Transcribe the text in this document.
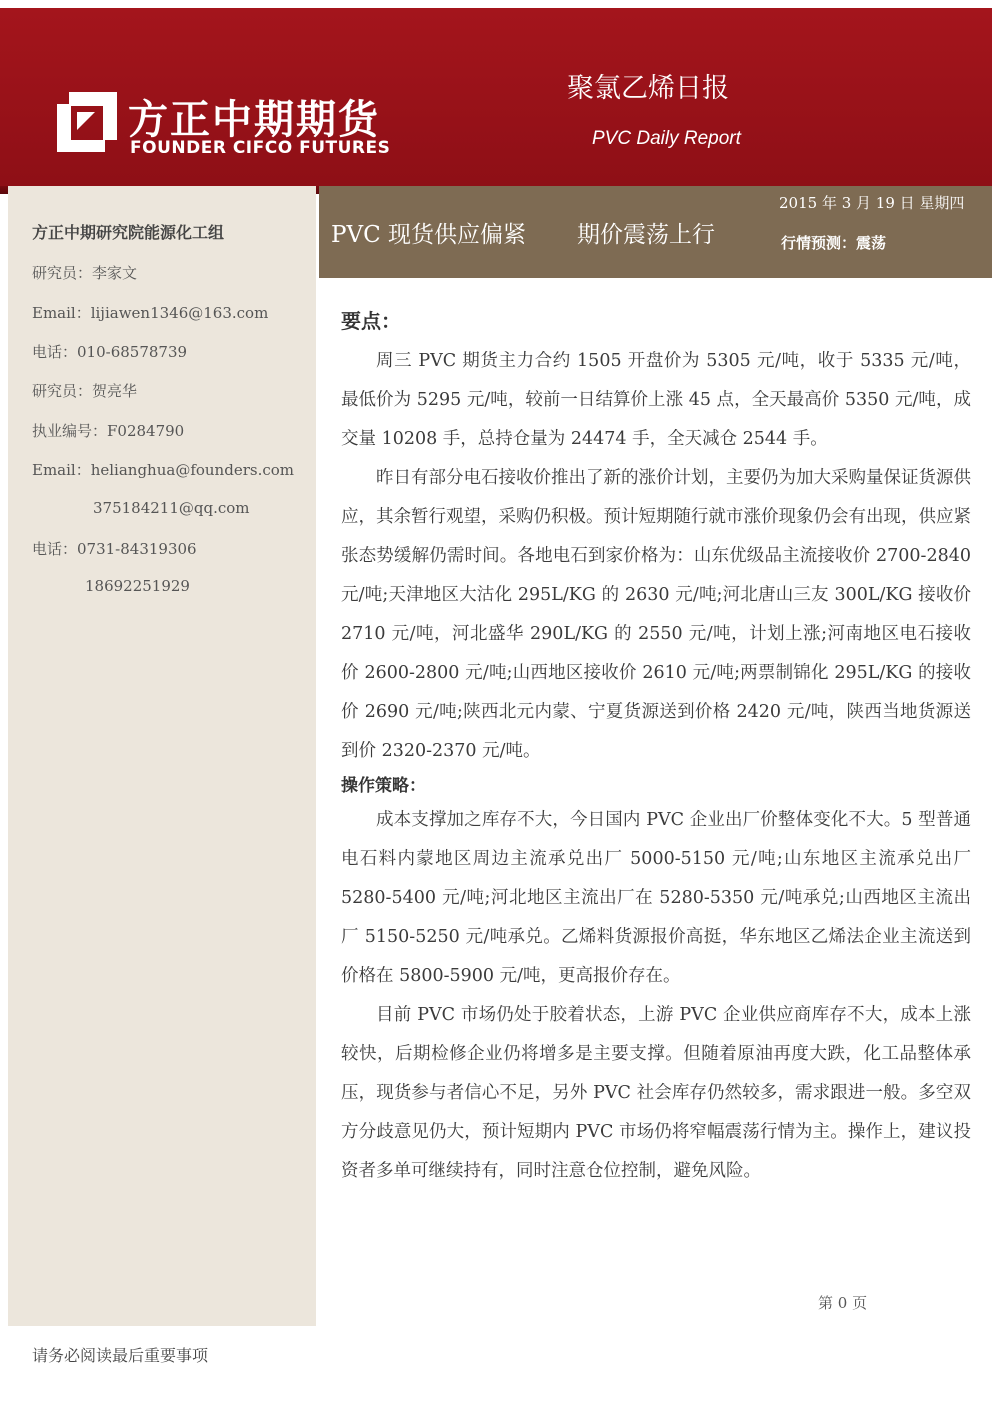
方正中期期货
FOUNDER CIFCO FUTURES
聚氯乙烯日报
PVC Daily Report
方正中期研究院能源化工组
研究员：李家文
Email：lijiawen1346@163.com
电话：010-68578739
研究员：贺亮华
执业编号：F0284790
Email：helianghua@founders.com
375184211@qq.com
电话：0731-84319306
18692251929
PVC 现货供应偏紧 期价震荡上行
2015 年 3 月 19 日 星期四
行情预测：震荡
要点：

周三 PVC 期货主力合约 1505 开盘价为 5305 元/吨，收于 5335 元/吨，最低价为 5295 元/吨，较前一日结算价上涨 45 点，全天最高价 5350 元/吨，成交量 10208 手，总持仓量为 24474 手，全天减仓 2544 手。

昨日有部分电石接收价推出了新的涨价计划，主要仍为加大采购量保证货源供应，其余暂行观望，采购仍积极。预计短期随行就市涨价现象仍会有出现，供应紧张态势缓解仍需时间。各地电石到家价格为：山东优级品主流接收价 2700-2840 元/吨;天津地区大沽化 295L/KG 的 2630 元/吨;河北唐山三友 300L/KG 接收价 2710 元/吨，河北盛华 290L/KG 的 2550 元/吨，计划上涨;河南地区电石接收价 2600-2800 元/吨;山西地区接收价 2610 元/吨;两票制锦化 295L/KG 的接收价 2690 元/吨;陕西北元内蒙、宁夏货源送到价格 2420 元/吨，陕西当地货源送到价 2320-2370 元/吨。

操作策略：

成本支撑加之库存不大，今日国内 PVC 企业出厂价整体变化不大。5 型普通电石料内蒙地区周边主流承兑出厂 5000-5150 元/吨;山东地区主流承兑出厂 5280-5400 元/吨;河北地区主流出厂在 5280-5350 元/吨承兑;山西地区主流出厂 5150-5250 元/吨承兑。乙烯料货源报价高挺，华东地区乙烯法企业主流送到价格在 5800-5900 元/吨，更高报价存在。

目前 PVC 市场仍处于胶着状态，上游 PVC 企业供应商库存不大，成本上涨较快，后期检修企业仍将增多是主要支撑。但随着原油再度大跌，化工品整体承压，现货参与者信心不足，另外 PVC 社会库存仍然较多，需求跟进一般。多空双方分歧意见仍大，预计短期内 PVC 市场仍将窄幅震荡行情为主。操作上，建议投资者多单可继续持有，同时注意仓位控制，避免风险。

第 0 页
请务必阅读最后重要事项
